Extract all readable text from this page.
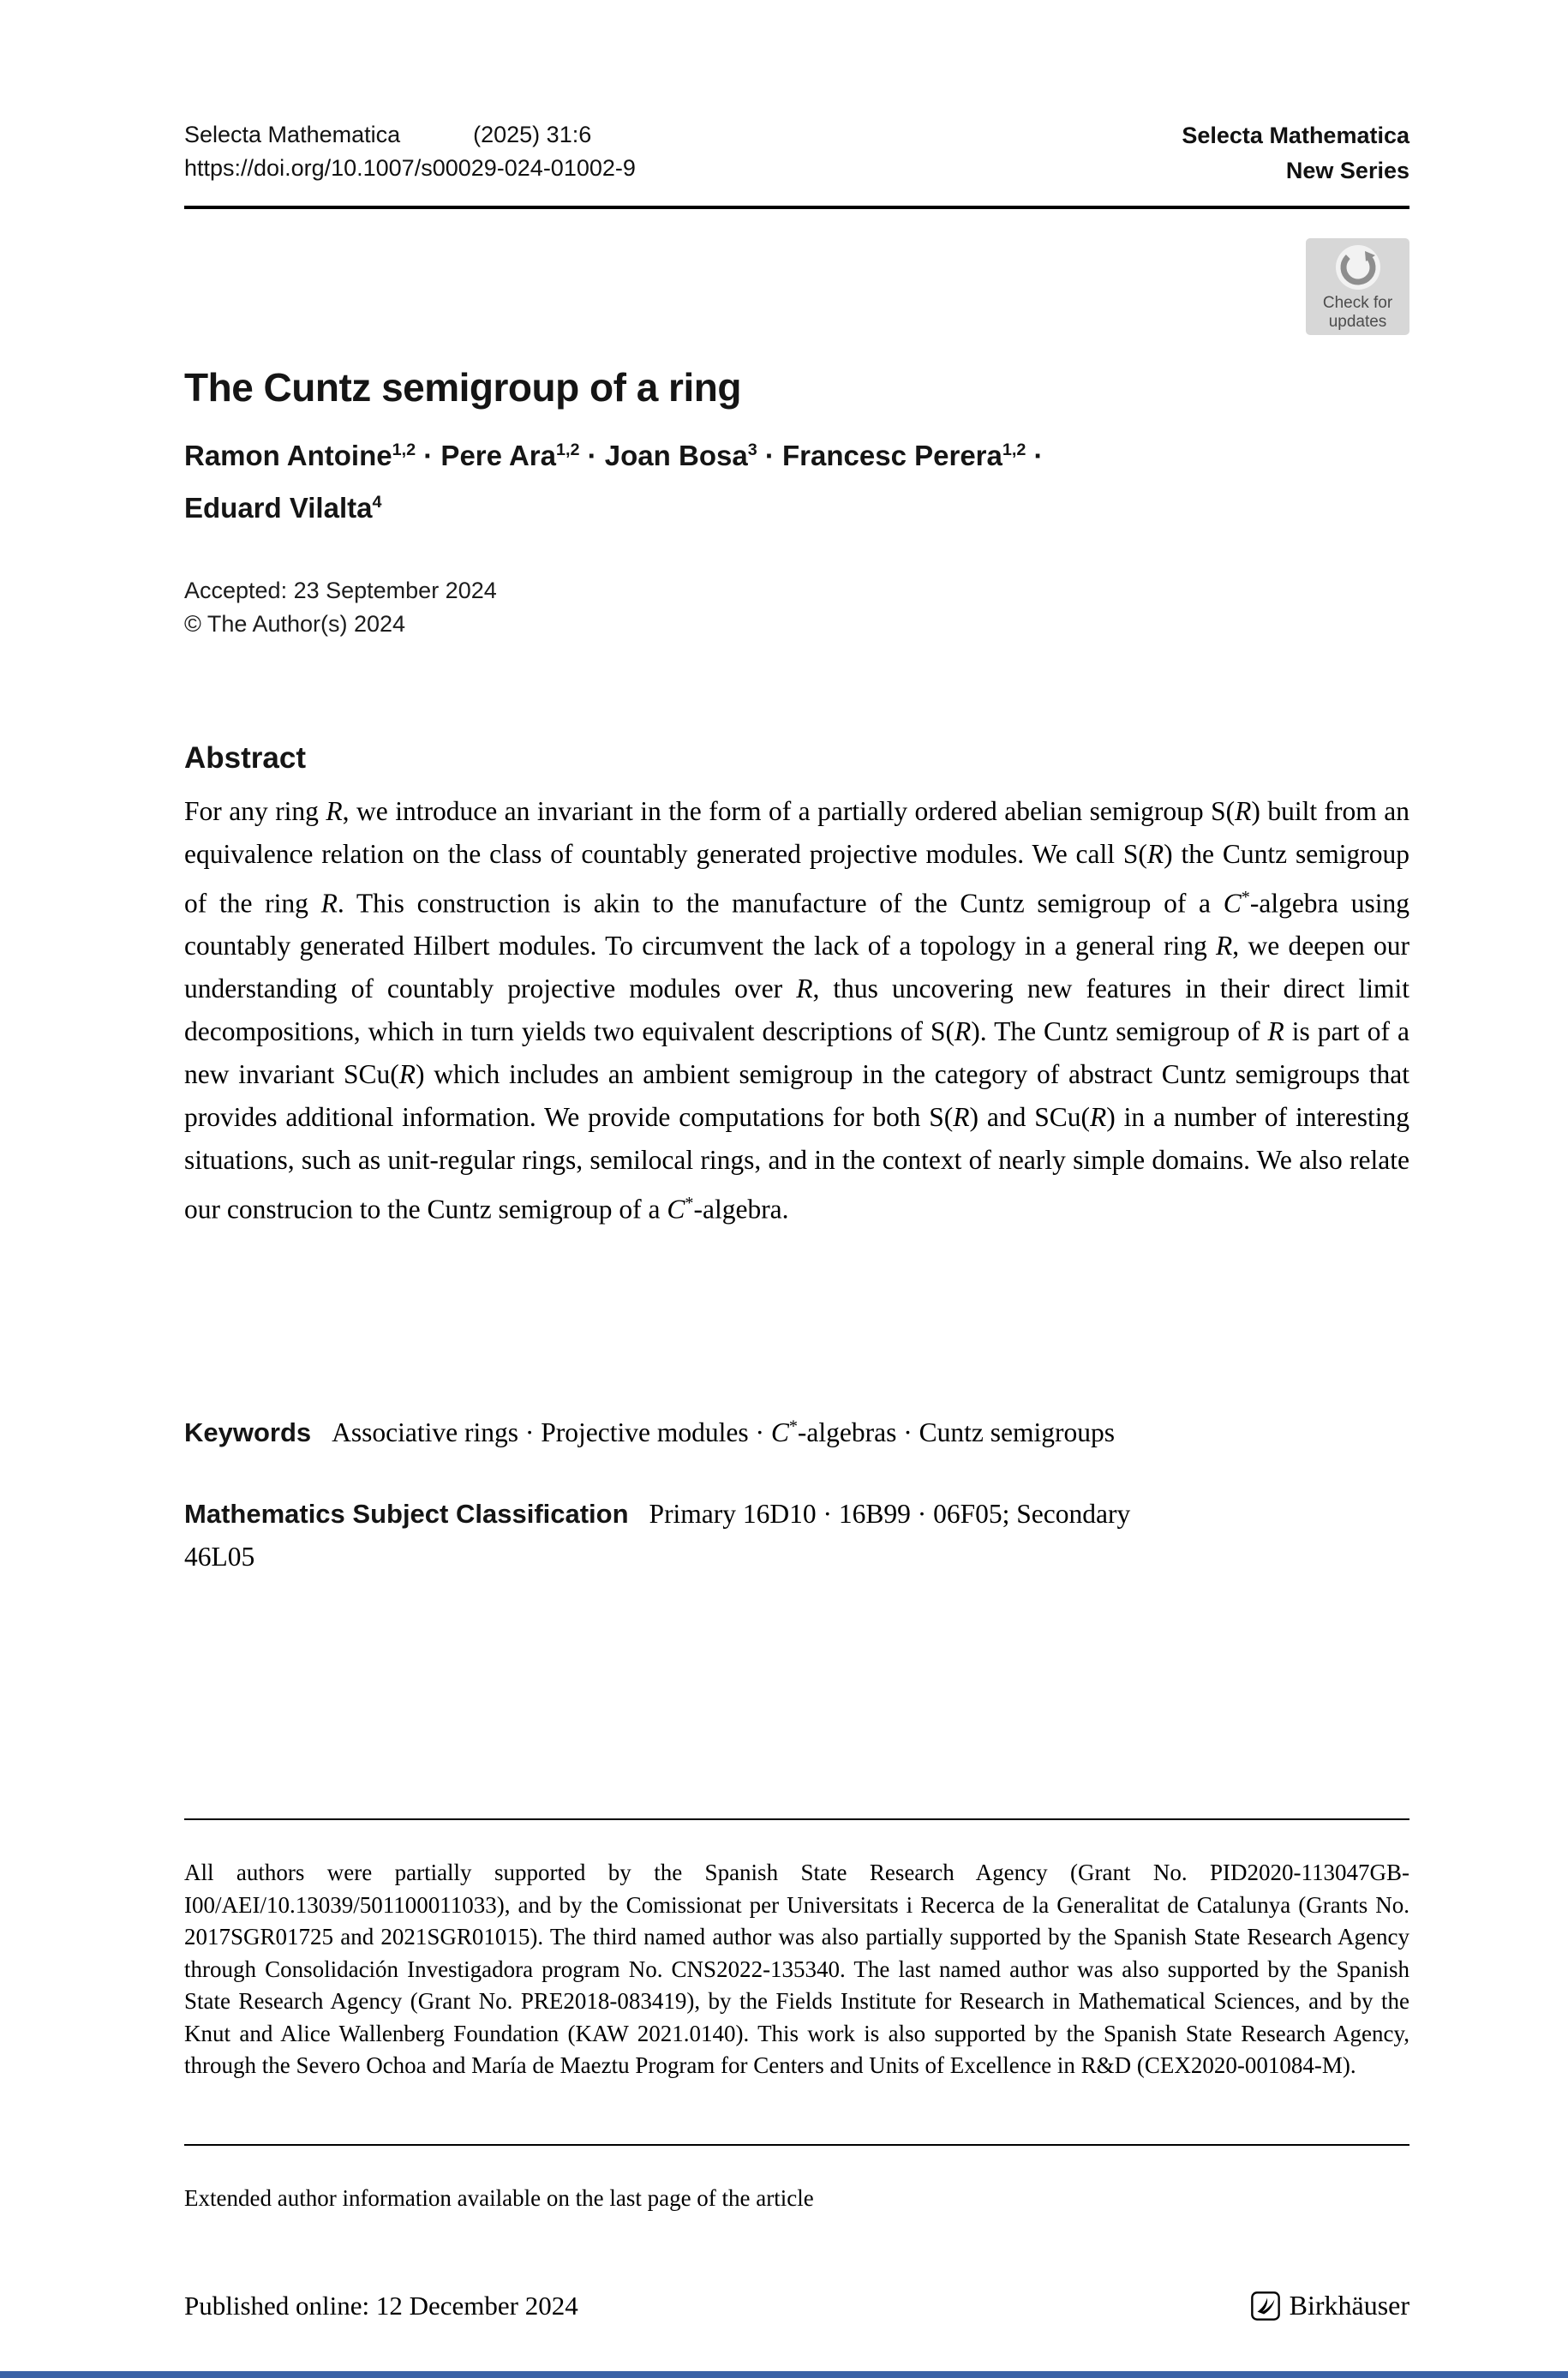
Selecta Mathematica	(2025) 31:6
https://doi.org/10.1007/s00029-024-01002-9
Selecta Mathematica
New Series
Check for
updates
The Cuntz semigroup of a ring
Ramon Antoine$^{1,2}$ · Pere Ara$^{1,2}$ · Joan Bosa$^3$ · Francesc Perera$^{1,2}$ ·
Eduard Vilalta$^4$
Accepted: 23 September 2024
© The Author(s) 2024
Abstract

For any ring R, we introduce an invariant in the form of a partially ordered abelian semigroup S(R) built from an equivalence relation on the class of countably generated projective modules. We call S(R) the Cuntz semigroup of the ring R. This construction is akin to the manufacture of the Cuntz semigroup of a C*-algebra using countably generated Hilbert modules. To circumvent the lack of a topology in a general ring R, we deepen our understanding of countably projective modules over R, thus uncovering new features in their direct limit decompositions, which in turn yields two equivalent descriptions of S(R). The Cuntz semigroup of R is part of a new invariant SCu(R) which includes an ambient semigroup in the category of abstract Cuntz semigroups that provides additional information. We provide computations for both S(R) and SCu(R) in a number of interesting situations, such as unit-regular rings, semilocal rings, and in the context of nearly simple domains. We also relate our construcion to the Cuntz semigroup of a C*-algebra.

Keywords Associative rings · Projective modules · C*-algebras · Cuntz semigroups

Mathematics Subject Classification Primary 16D10 · 16B99 · 06F05; Secondary
46L05

All authors were partially supported by the Spanish State Research Agency (Grant No. PID2020-113047GB-I00/AEI/10.13039/501100011033), and by the Comissionat per Universitats i Recerca de la Generalitat de Catalunya (Grants No. 2017SGR01725 and 2021SGR01015). The third named author was also partially supported by the Spanish State Research Agency through Consolidación Investigadora program No. CNS2022-135340. The last named author was also supported by the Spanish State Research Agency (Grant No. PRE2018-083419), by the Fields Institute for Research in Mathematical Sciences, and by the Knut and Alice Wallenberg Foundation (KAW 2021.0140). This work is also supported by the Spanish State Research Agency, through the Severo Ochoa and María de Maeztu Program for Centers and Units of Excellence in R&D (CEX2020-001084-M).

Extended author information available on the last page of the article

Published online: 12 December 2024	Birkhäuser
